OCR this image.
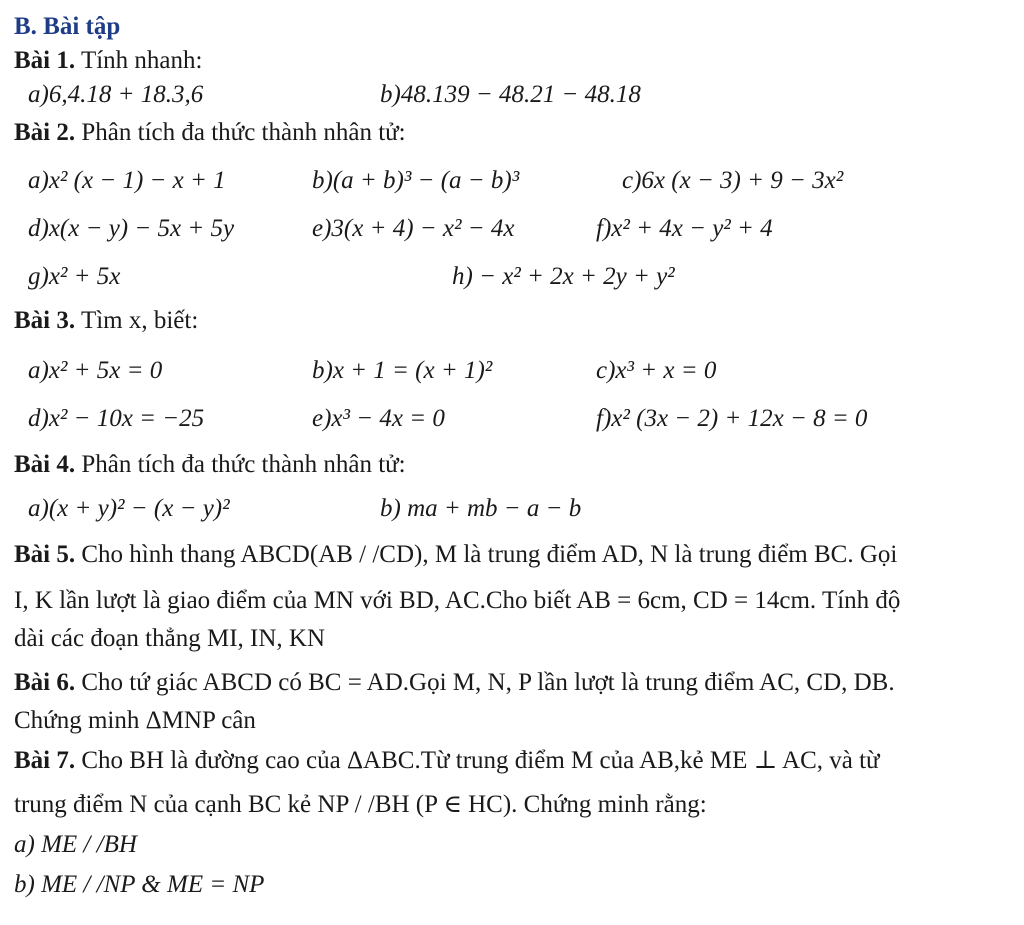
B. Bài tập
Bài 1. Tính nhanh:
a)6,4.18 + 18.3,6	b)48.139 − 48.21 − 48.18
Bài 2. Phân tích đa thức thành nhân tử:
a)x² (x − 1) − x + 1	b)(a + b)³ − (a − b)³	c)6x (x − 3) + 9 − 3x²
d)x(x − y) − 5x + 5y	e)3(x + 4) − x² − 4x	f)x² + 4x − y² + 4
g)x² + 5x	h) − x² + 2x + 2y + y²
Bài 3. Tìm x, biết:
a)x² + 5x = 0	b)x + 1 = (x + 1)²	c)x³ + x = 0
d)x² − 10x = −25	e)x³ − 4x = 0	f)x² (3x − 2) + 12x − 8 = 0
Bài 4. Phân tích đa thức thành nhân tử:
a)(x + y)² − (x − y)²	b) ma + mb − a − b
Bài 5. Cho hình thang ABCD(AB / /CD), M là trung điểm AD, N là trung điểm BC. Gọi
I, K lần lượt là giao điểm của MN với BD, AC.Cho biết AB = 6cm, CD = 14cm. Tính độ
dài các đoạn thẳng MI, IN, KN
Bài 6. Cho tứ giác ABCD có BC = AD.Gọi M, N, P lần lượt là trung điểm AC, CD, DB.
Chứng minh ΔMNP cân
Bài 7. Cho BH là đường cao của ΔABC.Từ trung điểm M của AB,kẻ ME ⊥ AC, và từ
trung điểm N của cạnh BC kẻ NP / /BH (P ∈ HC). Chứng minh rằng:
a) ME / /BH
b) ME / /NP & ME = NP
